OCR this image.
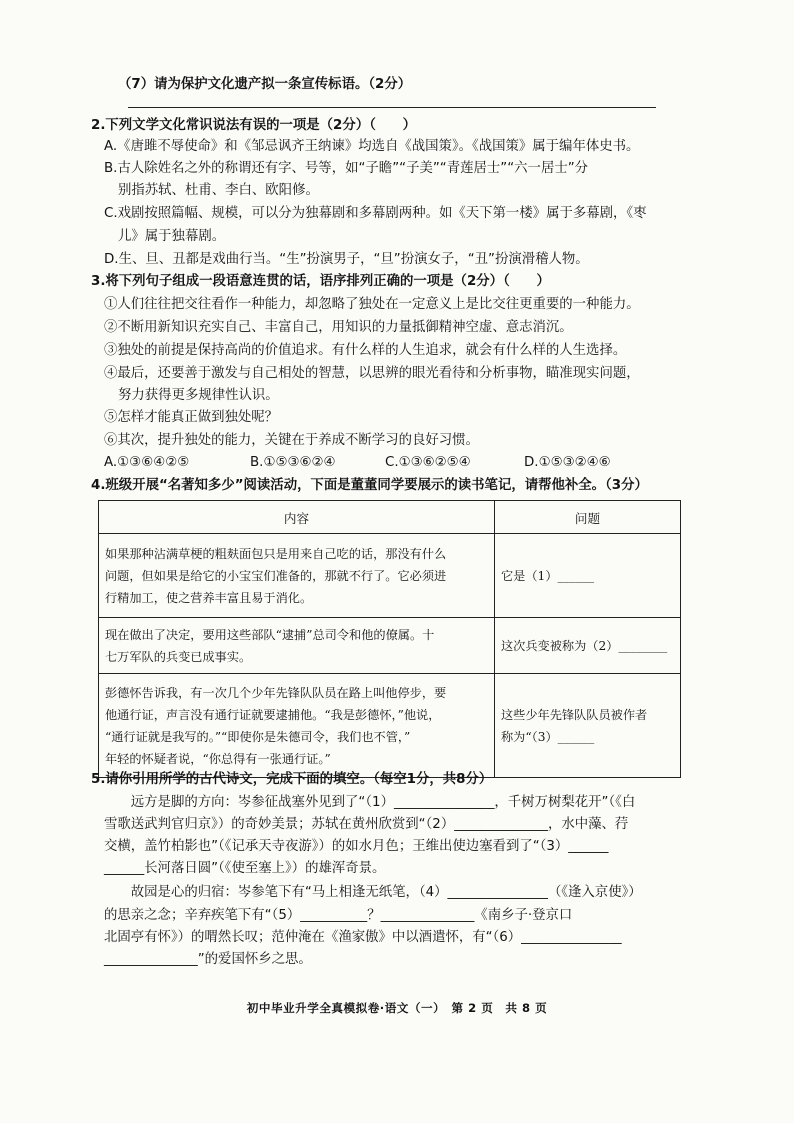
（7）请为保护文化遗产拟一条宣传标语。（2分）
2.下列文学文化常识说法有误的一项是（2分）（　　）
A.《唐雎不辱使命》和《邹忌讽齐王纳谏》均选自《战国策》。《战国策》属于编年体史书。
B.古人除姓名之外的称谓还有字、号等，如“子瞻”“子美”“青莲居士”“六一居士”分
别指苏轼、杜甫、李白、欧阳修。
C.戏剧按照篇幅、规模，可以分为独幕剧和多幕剧两种。如《天下第一楼》属于多幕剧，《枣
儿》属于独幕剧。
D.生、旦、丑都是戏曲行当。“生”扮演男子，“旦”扮演女子，“丑”扮演滑稽人物。
3.将下列句子组成一段语意连贯的话，语序排列正确的一项是（2分）（　　）
①人们往往把交往看作一种能力，却忽略了独处在一定意义上是比交往更重要的一种能力。
②不断用新知识充实自己、丰富自己，用知识的力量抵御精神空虚、意志消沉。
③独处的前提是保持高尚的价值追求。有什么样的人生追求，就会有什么样的人生选择。
④最后，还要善于激发与自己相处的智慧，以思辨的眼光看待和分析事物，瞄准现实问题，
努力获得更多规律性认识。
⑤怎样才能真正做到独处呢？
⑥其次，提升独处的能力，关键在于养成不断学习的良好习惯。
A.①③⑥④②⑤	B.①⑤③⑥②④	C.①③⑥②⑤④	D.①⑤③②④⑥
4.班级开展“名著知多少”阅读活动，下面是董董同学要展示的读书笔记，请帮他补全。（3分）
内容	问题

如果那种沾满草梗的粗麸面包只是用来自己吃的话，那没有什么
问题，但如果是给它的小宝宝们准备的，那就不行了。它必须进
行精加工，使之营养丰富且易于消化。	它是（1）______

现在做出了决定，要用这些部队“逮捕”总司令和他的僚属。十
七万军队的兵变已成事实。	这次兵变被称为（2）________

彭德怀告诉我，有一次几个少年先锋队队员在路上叫他停步，要
他通行证，声言没有通行证就要逮捕他。“我是彭德怀，”他说，
“通行证就是我写的。”“即使你是朱德司令，我们也不管，”
年轻的怀疑者说，“你总得有一张通行证。”	这些少年先锋队队员被作者
称为“（3）______
5.请你引用所学的古代诗文，完成下面的填空。（每空1分，共8分）
　　远方是脚的方向：岑参征战塞外见到了“（1）_______________，千树万树梨花开”（《白
雪歌送武判官归京》）的奇妙美景；苏轼在黄州欣赏到“（2）______________，水中藻、荇
交横，盖竹柏影也”（《记承天寺夜游》）的如水月色；王维出使边塞看到了“（3）______
______长河落日圆”（《使至塞上》）的雄浑奇景。
　　故园是心的归宿：岑参笔下有“马上相逢无纸笔，（4）_______________（《逢入京使》）
的思亲之念；辛弃疾笔下有“（5）__________？______________《南乡子·登京口
北固亭有怀》）的喟然长叹；范仲淹在《渔家傲》中以酒遣怀，有“（6）_______________
______________”的爱国怀乡之思。
初中毕业升学全真模拟卷·语文（一）　第 2 页　共 8 页
